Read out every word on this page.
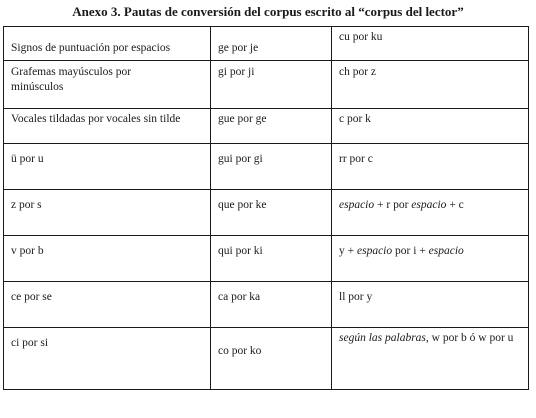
Anexo 3. Pautas de conversión del corpus escrito al “corpus del lector”
Signos de puntuación por espacios	ge por je	cu por ku

Grafemas mayúsculos por minúsculos	gi por ji	ch por z

Vocales tildadas por vocales sin tilde	gue por ge	c por k

ü por u	gui por gi	rr por c

z por s	que por ke	espacio + r por espacio + c

v por b	qui por ki	y + espacio por i + espacio

ce por se	ca por ka	ll por y

ci por si	co por ko	según las palabras, w por b ó w por u
